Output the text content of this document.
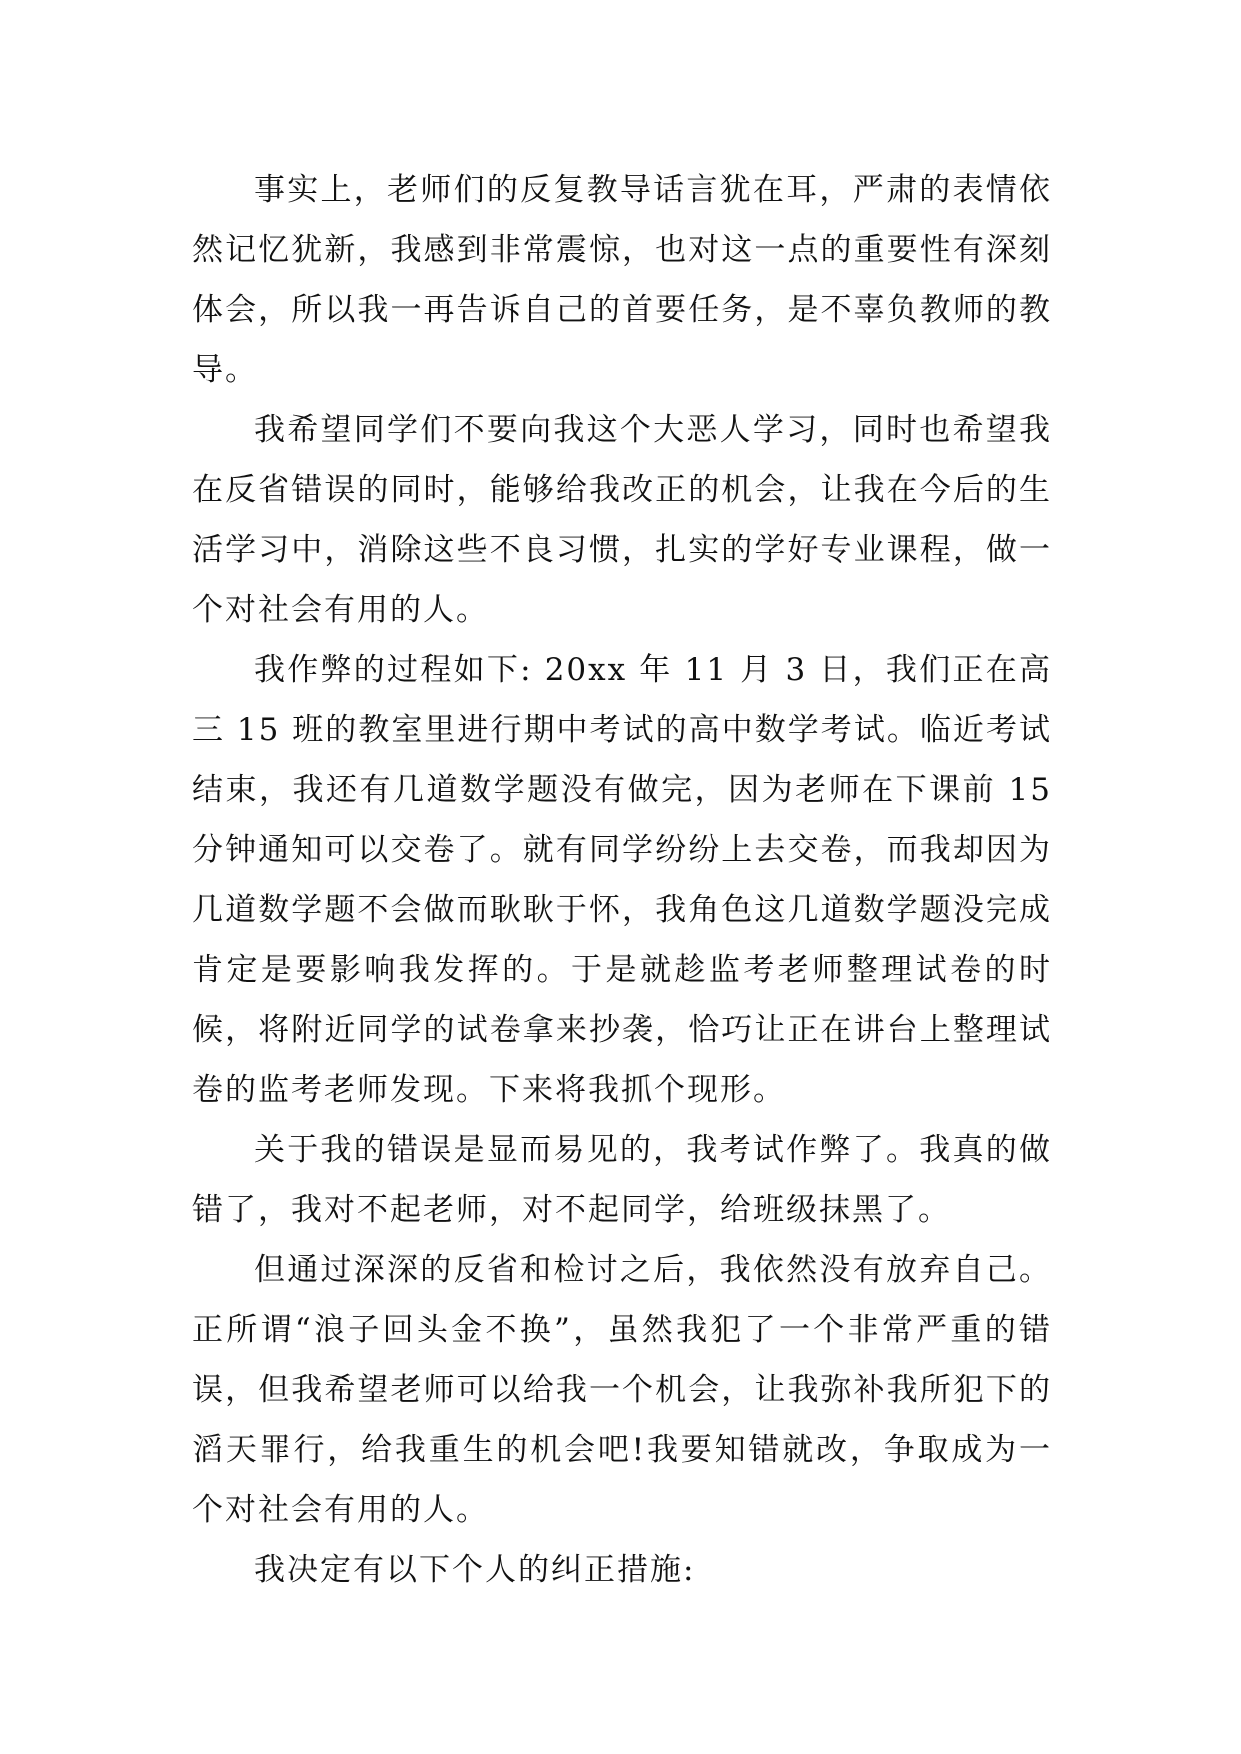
事实上，老师们的反复教导话言犹在耳，严肃的表情依然记忆犹新，我感到非常震惊，也对这一点的重要性有深刻体会，所以我一再告诉自己的首要任务，是不辜负教师的教导。

我希望同学们不要向我这个大恶人学习，同时也希望我在反省错误的同时，能够给我改正的机会，让我在今后的生活学习中，消除这些不良习惯，扎实的学好专业课程，做一个对社会有用的人。

我作弊的过程如下: 20xx 年 11 月 3 日，我们正在高三 15 班的教室里进行期中考试的高中数学考试。临近考试结束，我还有几道数学题没有做完，因为老师在下课前 15 分钟通知可以交卷了。就有同学纷纷上去交卷，而我却因为几道数学题不会做而耿耿于怀，我角色这几道数学题没完成肯定是要影响我发挥的。于是就趁监考老师整理试卷的时候，将附近同学的试卷拿来抄袭，恰巧让正在讲台上整理试卷的监考老师发现。下来将我抓个现形。

关于我的错误是显而易见的，我考试作弊了。我真的做错了，我对不起老师，对不起同学，给班级抹黑了。

但通过深深的反省和检讨之后，我依然没有放弃自己。正所谓“浪子回头金不换”，虽然我犯了一个非常严重的错误，但我希望老师可以给我一个机会，让我弥补我所犯下的滔天罪行，给我重生的机会吧!我要知错就改，争取成为一个对社会有用的人。

我决定有以下个人的纠正措施:
